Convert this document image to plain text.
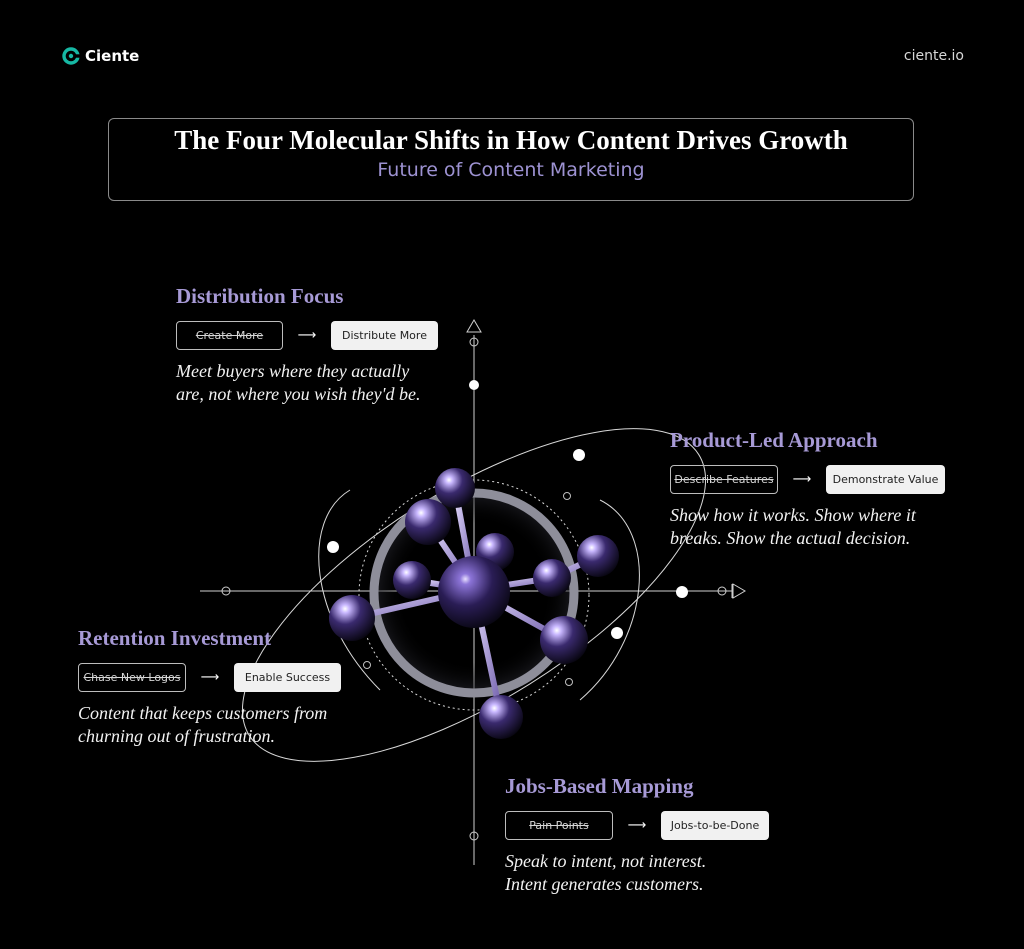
Ciente	ciente.io
The Four Molecular Shifts in How Content Drives Growth
Future of Content Marketing
Distribution Focus
Create More	⟶	Distribute More
Meet buyers where they actually
are, not where you wish they'd be.
Product-Led Approach
Describe Features	⟶	Demonstrate Value
Show how it works. Show where it
breaks. Show the actual decision.
Retention Investment
Chase New Logos	⟶	Enable Success
Content that keeps customers from
churning out of frustration.
Jobs-Based Mapping
Pain Points	⟶	Jobs-to-be-Done
Speak to intent, not interest.
Intent generates customers.
